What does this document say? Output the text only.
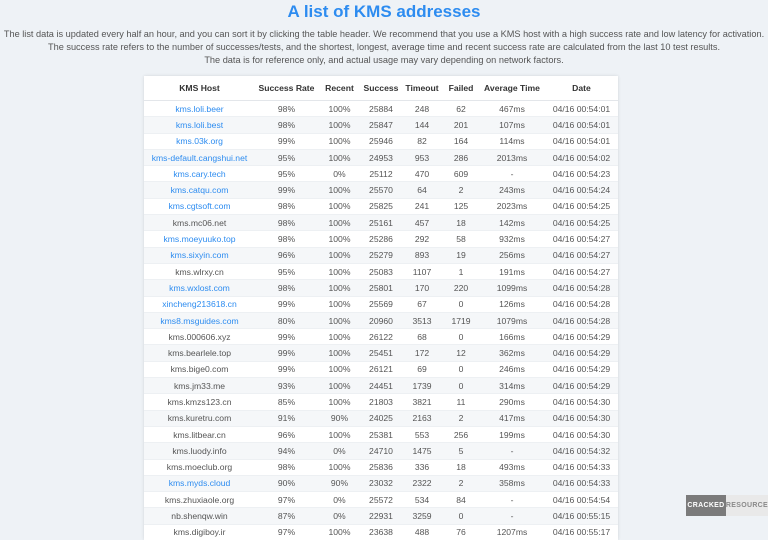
A list of KMS addresses
The list data is updated every half an hour, and you can sort it by clicking the table header. We recommend that you use a KMS host with a high success rate and low latency for activation.
The success rate refers to the number of successes/tests, and the shortest, longest, average time and recent success rate are calculated from the last 10 test results.
The data is for reference only, and actual usage may vary depending on network factors.
KMS Host	Success Rate	Recent	Success	Timeout	Failed	Average Time	Date
kms.loli.beer	98%	100%	25884	248	62	467ms	04/16 00:54:01
kms.loli.best	98%	100%	25847	144	201	107ms	04/16 00:54:01
kms.03k.org	99%	100%	25946	82	164	114ms	04/16 00:54:01
kms-default.cangshui.net	95%	100%	24953	953	286	2013ms	04/16 00:54:02
kms.cary.tech	95%	0%	25112	470	609	-	04/16 00:54:23
kms.catqu.com	99%	100%	25570	64	2	243ms	04/16 00:54:24
kms.cgtsoft.com	98%	100%	25825	241	125	2023ms	04/16 00:54:25
kms.mc06.net	98%	100%	25161	457	18	142ms	04/16 00:54:25
kms.moeyuuko.top	98%	100%	25286	292	58	932ms	04/16 00:54:27
kms.sixyin.com	96%	100%	25279	893	19	256ms	04/16 00:54:27
kms.wlrxy.cn	95%	100%	25083	1107	1	191ms	04/16 00:54:27
kms.wxlost.com	98%	100%	25801	170	220	1099ms	04/16 00:54:28
xincheng213618.cn	99%	100%	25569	67	0	126ms	04/16 00:54:28
kms8.msguides.com	80%	100%	20960	3513	1719	1079ms	04/16 00:54:28
kms.000606.xyz	99%	100%	26122	68	0	166ms	04/16 00:54:29
kms.bearlele.top	99%	100%	25451	172	12	362ms	04/16 00:54:29
kms.bige0.com	99%	100%	26121	69	0	246ms	04/16 00:54:29
kms.jm33.me	93%	100%	24451	1739	0	314ms	04/16 00:54:29
kms.kmzs123.cn	85%	100%	21803	3821	11	290ms	04/16 00:54:30
kms.kuretru.com	91%	90%	24025	2163	2	417ms	04/16 00:54:30
kms.litbear.cn	96%	100%	25381	553	256	199ms	04/16 00:54:30
kms.luody.info	94%	0%	24710	1475	5	-	04/16 00:54:32
kms.moeclub.org	98%	100%	25836	336	18	493ms	04/16 00:54:33
kms.myds.cloud	90%	90%	23032	2322	2	358ms	04/16 00:54:33
kms.zhuxiaole.org	97%	0%	25572	534	84	-	04/16 00:54:54
nb.shenqw.win	87%	0%	22931	3259	0	-	04/16 00:55:15
kms.digiboy.ir	97%	100%	23638	488	76	1207ms	04/16 00:55:17
CRACKED RESOURCE
